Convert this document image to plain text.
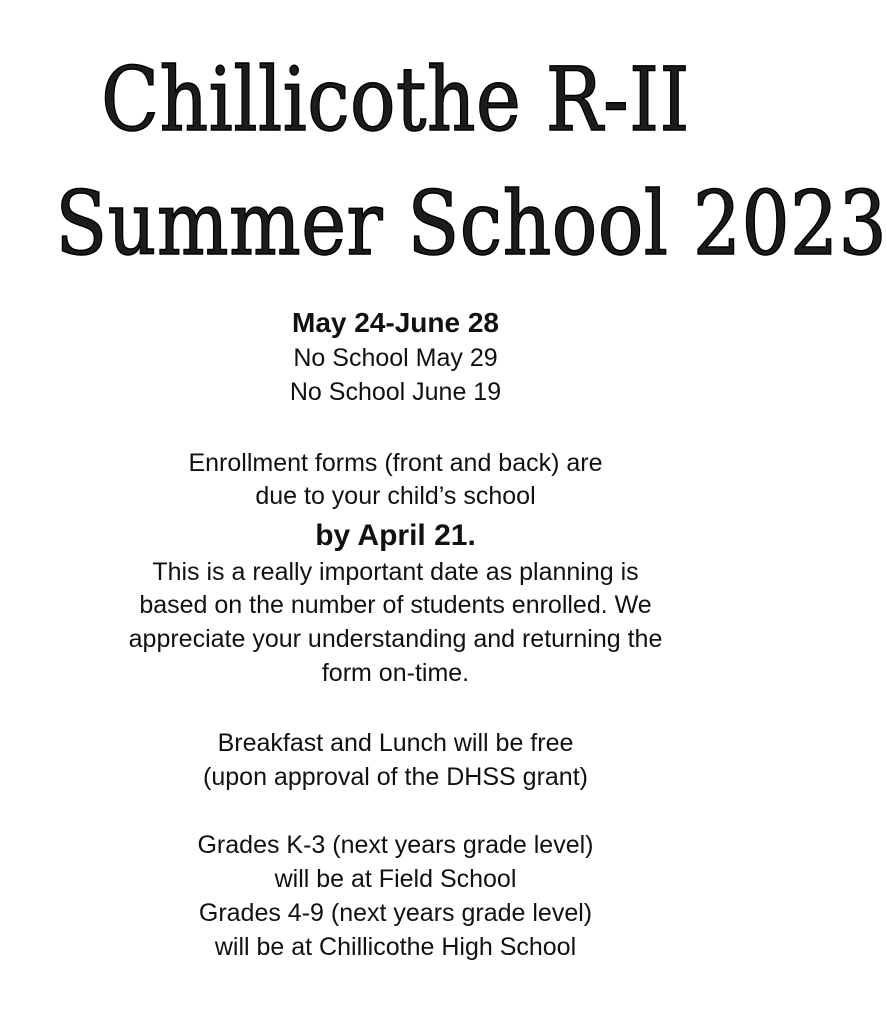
Chillicothe R-II
Summer School 2023
May 24-June 28
No School May 29
No School June 19
Enrollment forms (front and back) are
due to your child’s school
by April 21.
This is a really important date as planning is
based on the number of students enrolled. We
appreciate your understanding and returning the
form on-time.
Breakfast and Lunch will be free
(upon approval of the DHSS grant)
Grades K-3 (next years grade level)
will be at Field School
Grades 4-9 (next years grade level)
will be at Chillicothe High School
